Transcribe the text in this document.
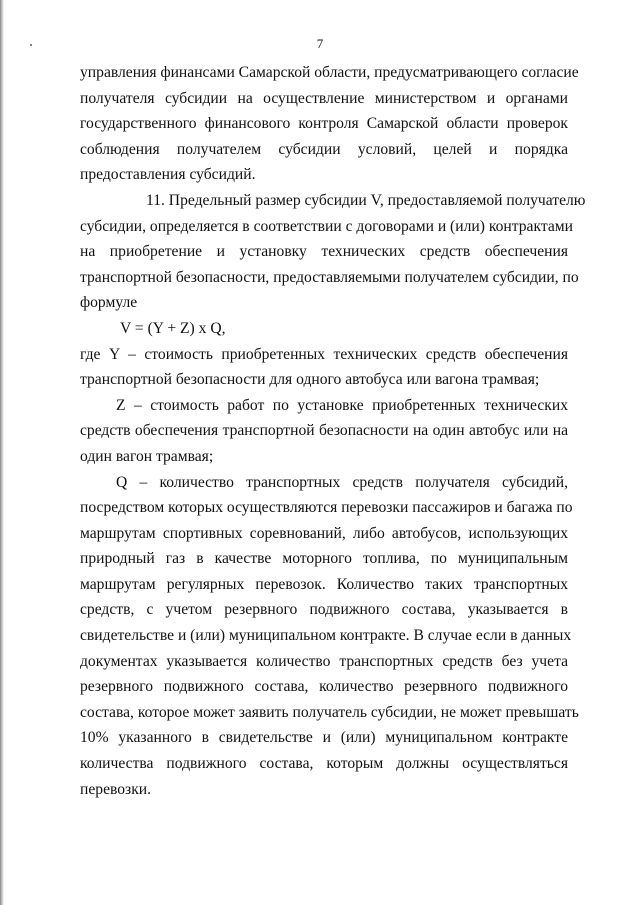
7
управления финансами Самарской области, предусматривающего согласие
получателя субсидии на осуществление министерством и органами
государственного финансового контроля Самарской области проверок
соблюдения получателем субсидии условий, целей и порядка
предоставления субсидий.
11. Предельный размер субсидии V, предоставляемой получателю
субсидии, определяется в соответствии с договорами и (или) контрактами
на приобретение и установку технических средств обеспечения
транспортной безопасности, предоставляемыми получателем субсидии, по
формуле
V = (Y + Z) x Q,
где Y – стоимость приобретенных технических средств обеспечения
транспортной безопасности для одного автобуса или вагона трамвая;
Z – стоимость работ по установке приобретенных технических
средств обеспечения транспортной безопасности на один автобус или на
один вагон трамвая;
Q – количество транспортных средств получателя субсидий,
посредством которых осуществляются перевозки пассажиров и багажа по
маршрутам спортивных соревнований, либо автобусов, использующих
природный газ в качестве моторного топлива, по муниципальным
маршрутам регулярных перевозок. Количество таких транспортных
средств, с учетом резервного подвижного состава, указывается в
свидетельстве и (или) муниципальном контракте. В случае если в данных
документах указывается количество транспортных средств без учета
резервного подвижного состава, количество резервного подвижного
состава, которое может заявить получатель субсидии, не может превышать
10% указанного в свидетельстве и (или) муниципальном контракте
количества подвижного состава, которым должны осуществляться
перевозки.
